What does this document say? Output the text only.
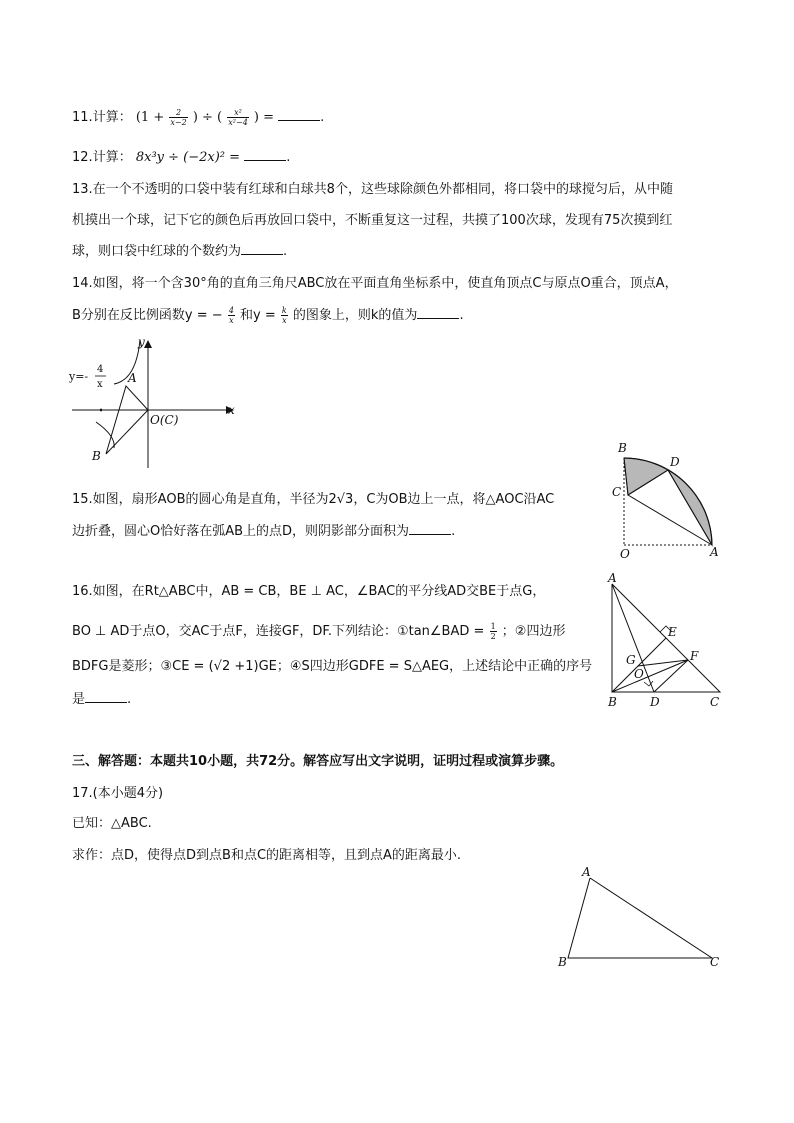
11.计算： ($1 + \frac{2}{x-2}$ ) ÷ ( $\frac{\text{x²}}{\text{x²−4}}$ ) =	.
12.计算： 8x³y ÷ (−2x)² =	.
13.在一个不透明的口袋中装有红球和白球共8个，这些球除颜色外都相同，将口袋中的球搅匀后，从中随
机摸出一个球，记下它的颜色后再放回口袋中，不断重复这一过程，共摸了100次球，发现有75次摸到红
球，则口袋中红球的个数约为	.
14.如图，将一个含30°角的直角三角尺ABC放在平面直角坐标系中，使直角顶点C与原点O重合，顶点A，
B分别在反比例函数y = − $\frac{4}{x}$ 和$y = \frac{k}{x}$ 的图象上，则k的值为	.
y=-
4
x A
B
O(C)
x
y
15.如图，扇形AOB的圆心角是直角，半径为2√3，C为OB边上一点，将△AOC沿AC
边折叠，圆心O恰好落在弧AB上的点D，则阴影部分面积为	.
B
D
C
O	A
16.如图，在Rt△ABC中，AB = CB，BE ⊥ AC，∠BAC的平分线AD交BE于点G，
BO ⊥ AD于点O，交AC于点F，连接GF，DF.下列结论：①tan∠BAD = $\frac{1}{2}$ ；②四边形
BDFG是菱形；③CE = (√2 +1)GE；④S四边形GDFE = S△AEG，上述结论中正确的序号
是	.
A
E
G	F
O
B	D	C
三、解答题：本题共10小题，共72分。解答应写出文字说明，证明过程或演算步骤。
17.(本小题4分)
已知：△ABC.
求作：点D，使得点D到点B和点C的距离相等，且到点A的距离最小.
A
B	C
